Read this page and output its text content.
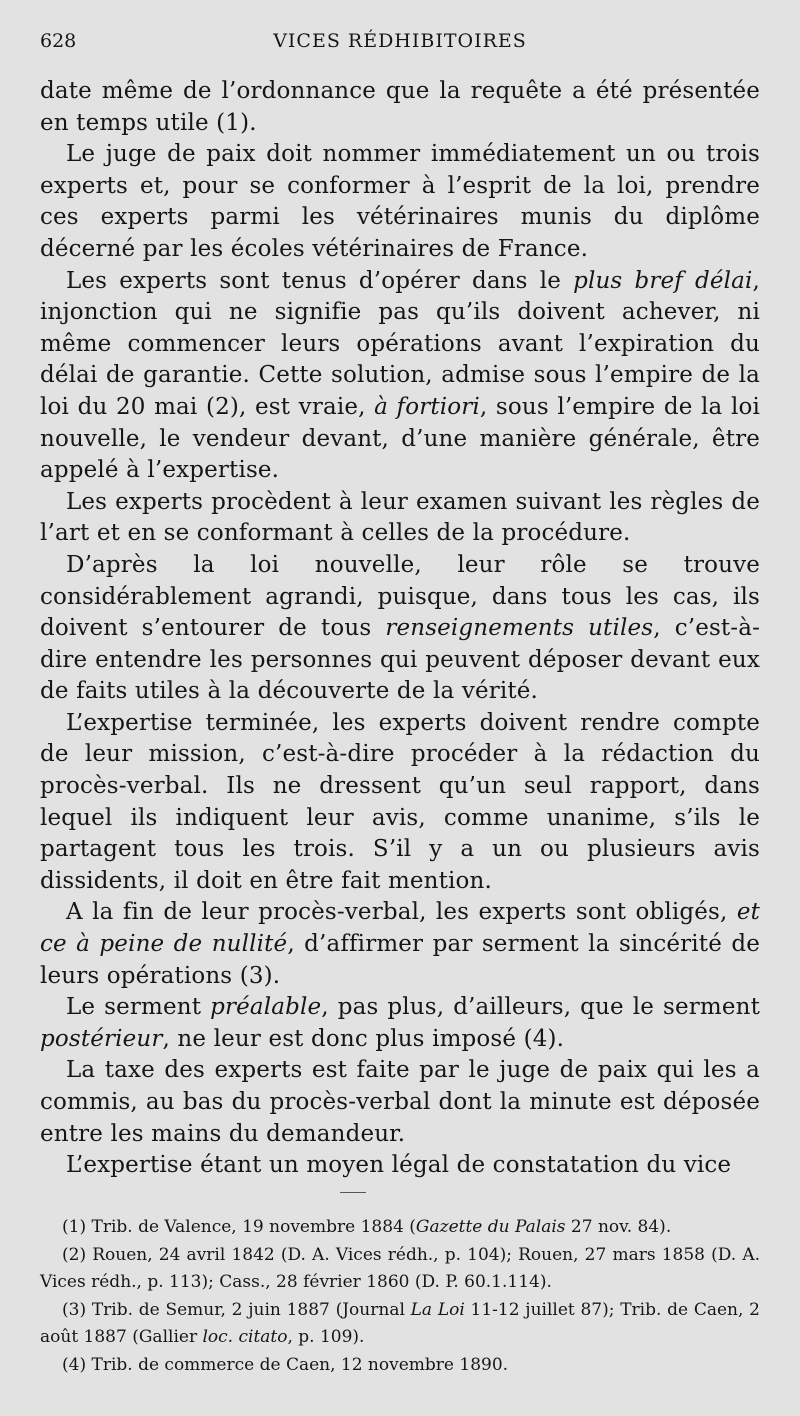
628	VICES RÉDHIBITOIRES

date même de l’ordonnance que la requête a été présentée en temps utile (1).

Le juge de paix doit nommer immédiatement un ou trois experts et, pour se conformer à l’esprit de la loi, prendre ces experts parmi les vétérinaires munis du diplôme décerné par les écoles vétérinaires de France.

Les experts sont tenus d’opérer dans le plus bref délai, injonction qui ne signifie pas qu’ils doivent achever, ni même commencer leurs opérations avant l’expiration du délai de garantie. Cette solution, admise sous l’empire de la loi du 20 mai (2), est vraie, à fortiori, sous l’empire de la loi nouvelle, le vendeur devant, d’une manière générale, être appelé à l’expertise.

Les experts procèdent à leur examen suivant les règles de l’art et en se conformant à celles de la procédure.

D’après la loi nouvelle, leur rôle se trouve considérablement agrandi, puisque, dans tous les cas, ils doivent s’entourer de tous renseignements utiles, c’est-à-dire entendre les personnes qui peuvent déposer devant eux de faits utiles à la découverte de la vérité.

L’expertise terminée, les experts doivent rendre compte de leur mission, c’est-à-dire procéder à la rédaction du procès-verbal. Ils ne dressent qu’un seul rapport, dans lequel ils indiquent leur avis, comme unanime, s’ils le partagent tous les trois. S’il y a un ou plusieurs avis dissidents, il doit en être fait mention.

A la fin de leur procès-verbal, les experts sont obligés, et ce à peine de nullité, d’affirmer par serment la sincérité de leurs opérations (3).

Le serment préalable, pas plus, d’ailleurs, que le serment postérieur, ne leur est donc plus imposé (4).

La taxe des experts est faite par le juge de paix qui les a commis, au bas du procès-verbal dont la minute est déposée entre les mains du demandeur.

L’expertise étant un moyen légal de constatation du vice

(1) Trib. de Valence, 19 novembre 1884 (Gazette du Palais 27 nov. 84).

(2) Rouen, 24 avril 1842 (D. A. Vices rédh., p. 104); Rouen, 27 mars 1858 (D. A. Vices rédh., p. 113); Cass., 28 février 1860 (D. P. 60.1.114).

(3) Trib. de Semur, 2 juin 1887 (Journal La Loi 11-12 juillet 87); Trib. de Caen, 2 août 1887 (Gallier loc. citato, p. 109).

(4) Trib. de commerce de Caen, 12 novembre 1890.
